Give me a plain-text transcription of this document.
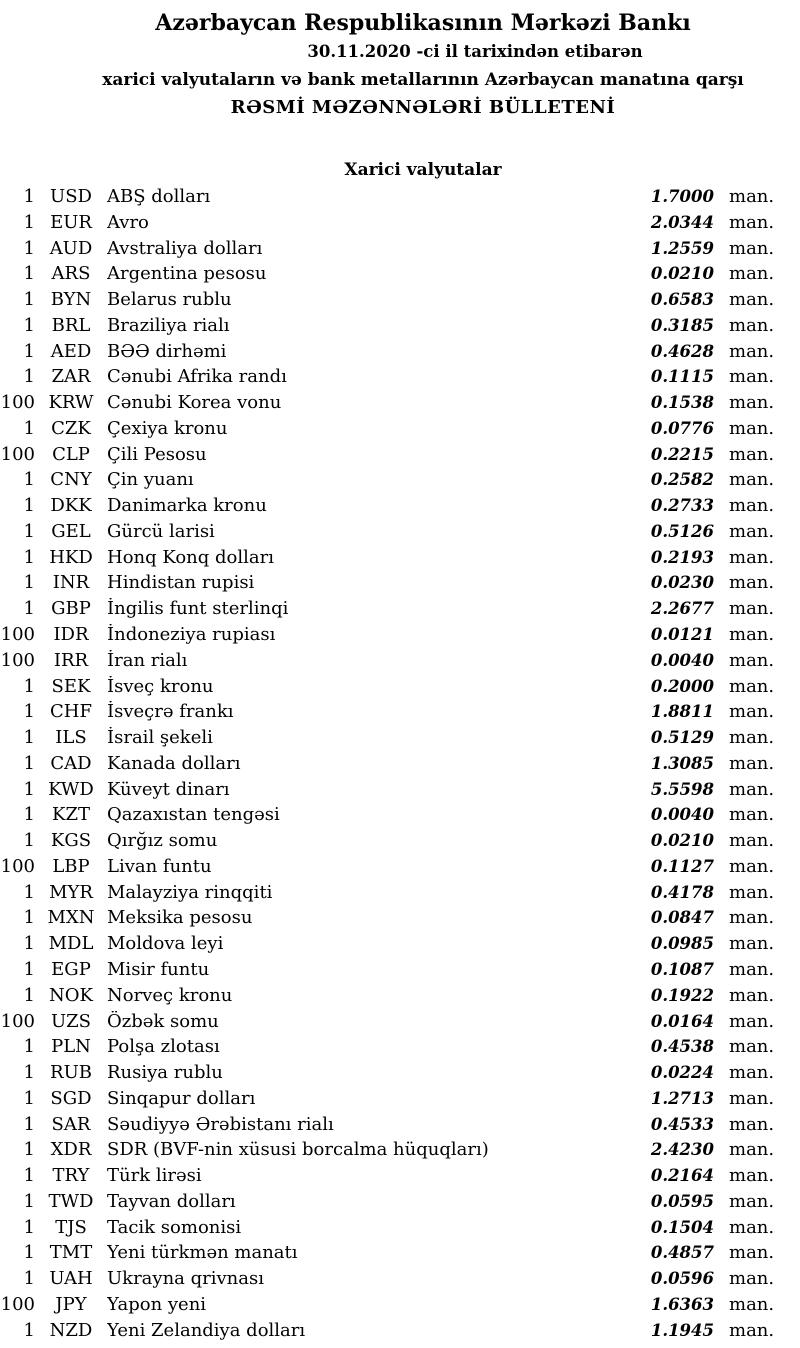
Azərbaycan Respublikasının Mərkəzi Bankı
30.11.2020 -ci il tarixindən etibarən
xarici valyutaların və bank metallarının Azərbaycan manatına qarşı
RƏSMİ MƏZƏNNƏLƏRİ BÜLLETENİ
Xarici valyutalar
1 USD ABŞ dolları	1.7000 man.
1 EUR Avro	2.0344 man.
1 AUD Avstraliya dolları	1.2559 man.
1 ARS Argentina pesosu	0.0210 man.
1 BYN Belarus rublu	0.6583 man.
1 BRL Braziliya rialı	0.3185 man.
1 AED BƏƏ dirhəmi	0.4628 man.
1 ZAR Cənubi Afrika randı	0.1115 man.
100 KRW Cənubi Korea vonu	0.1538 man.
1 CZK Çexiya kronu	0.0776 man.
100 CLP Çili Pesosu	0.2215 man.
1 CNY Çin yuanı	0.2582 man.
1 DKK Danimarka kronu	0.2733 man.
1 GEL Gürcü larisi	0.5126 man.
1 HKD Honq Konq dolları	0.2193 man.
1 INR Hindistan rupisi	0.0230 man.
1 GBP İngilis funt sterlinqi	2.2677 man.
100	IDR	İndoneziya rupiası	0.0121 man.
100	IRR	İran rialı	0.0040 man.
1 SEK İsveç kronu	0.2000 man.
1 CHF İsveçrə frankı	1.8811 man.
1	ILS	İsrail şekeli	0.5129 man.
1 CAD Kanada dolları	1.3085 man.
1 KWD Küveyt dinarı	5.5598 man.
1 KZT Qazaxıstan tengəsi	0.0040 man.
1 KGS Qırğız somu	0.0210 man.
100 LBP Livan funtu	0.1127 man.
1 MYR Malayziya rinqqiti	0.4178 man.
1 MXN Meksika pesosu	0.0847 man.
1 MDL Moldova leyi	0.0985 man.
1 EGP Misir funtu	0.1087 man.
1 NOK Norveç kronu	0.1922 man.
100 UZS Özbək somu	0.0164 man.
1 PLN Polşa zlotası	0.4538 man.
1 RUB Rusiya rublu	0.0224 man.
1 SGD Sinqapur dolları	1.2713 man.
1 SAR Səudiyyə Ərəbistanı rialı	0.4533 man.
1 XDR SDR (BVF-nin xüsusi borcalma hüquqları)	2.4230 man.
1 TRY Türk lirəsi	0.2164 man.
1 TWD Tayvan dolları	0.0595 man.
1	TJS	Tacik somonisi	0.1504 man.
1 TMT Yeni türkmən manatı	0.4857 man.
1 UAH Ukrayna qrivnası	0.0596 man.
100	JPY	Yapon yeni	1.6363 man.
1 NZD Yeni Zelandiya dolları	1.1945 man.
